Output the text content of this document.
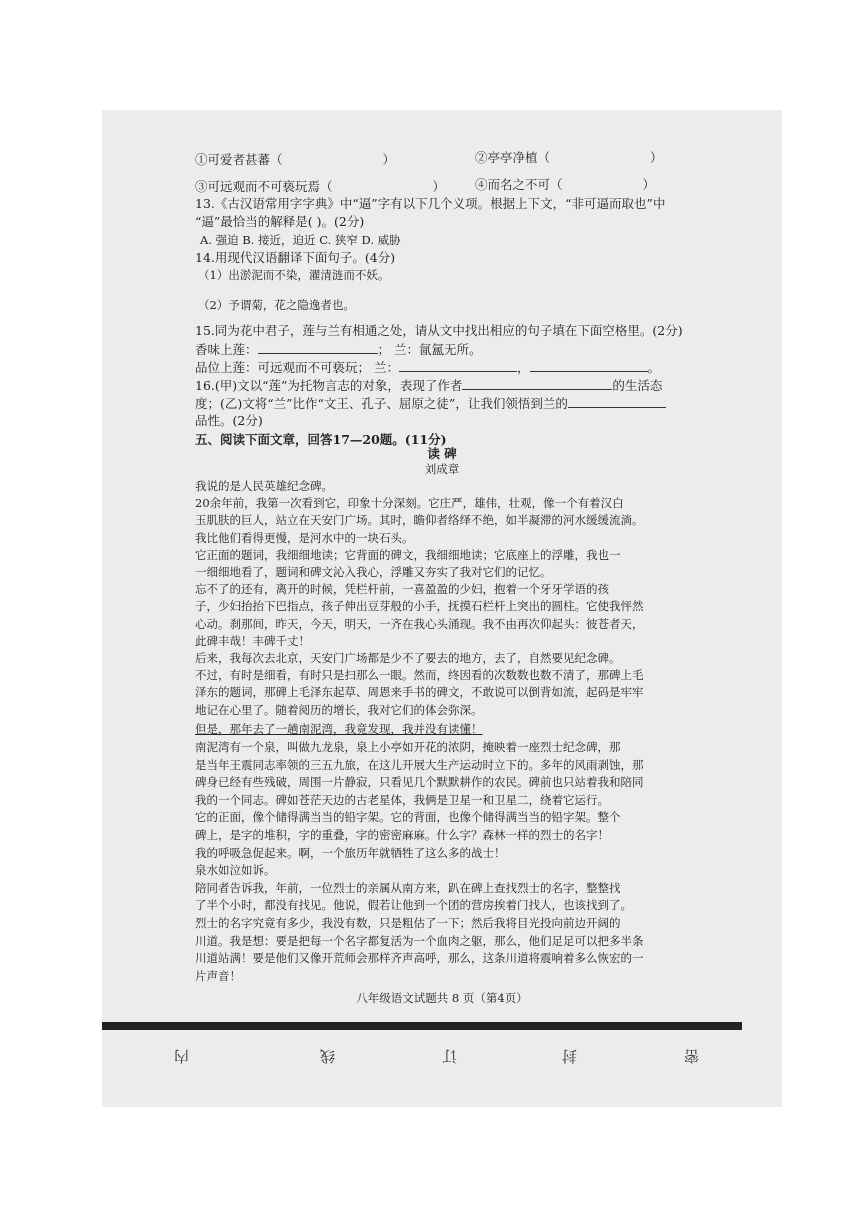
①可爱者甚蕃（	）	②亭亭净植（	）
③可远观而不可亵玩焉（	） ④而名之不可（	）
13.《古汉语常用字字典》中“逼”字有以下几个义项。根据上下文，“非可逼而取也”中
“逼”最恰当的解释是( )。(2分)
A. 强迫 B. 接近，迫近 C. 狭窄 D. 威胁
14.用现代汉语翻译下面句子。(4分)
（1）出淤泥而不染，濯清涟而不妖。
（2）予谓菊，花之隐逸者也。
15.同为花中君子，莲与兰有相通之处，请从文中找出相应的句子填在下面空格里。(2分)
香味上莲：	； 兰：氤氲无所。
品位上莲：可远观而不可亵玩； 兰：	，	。
16.(甲)文以“莲”为托物言志的对象，表现了作者	的生活态
度；(乙)文将“兰”比作“文王、孔子、屈原之徒”，让我们领悟到兰的
品性。(2分)
五、阅读下面文章，回答17—20题。(11分)
读 碑
刘成章
我说的是人民英雄纪念碑。
20余年前，我第一次看到它，印象十分深刻。它庄严，雄伟，壮观，像一个有着汉白
玉肌肤的巨人，站立在天安门广场。其时，瞻仰者络绎不绝，如半凝滞的河水缓缓流淌。
我比他们看得更慢，是河水中的一块石头。
它正面的题词，我细细地读；它背面的碑文，我细细地读；它底座上的浮雕，我也一
一细细地看了，题词和碑文沁入我心，浮雕又夯实了我对它们的记忆。
忘不了的还有，离开的时候，凭栏杆前，一喜盈盈的少妇，抱着一个牙牙学语的孩
子，少妇抬抬下巴指点，孩子伸出豆芽般的小手，抚摸石栏杆上突出的圆柱。它使我怦然
心动。刹那间，昨天，今天，明天，一齐在我心头涌现。我不由再次仰起头：彼苍者天，
此碑丰哉！丰碑千丈！
后来，我每次去北京，天安门广场都是少不了要去的地方，去了，自然要见纪念碑。
不过，有时是细看，有时只是扫那么一眼。然而，终因看的次数数也数不清了，那碑上毛
泽东的题词，那碑上毛泽东起草、周恩来手书的碑文，不敢说可以倒背如流，起码是牢牢
地记在心里了。随着阅历的增长，我对它们的体会弥深。
但是，那年去了一趟南泥湾，我竟发现，我并没有读懂！
南泥湾有一个泉，叫做九龙泉，泉上小亭如开花的浓阴，掩映着一座烈士纪念碑，那
是当年王震同志率领的三五九旅，在这儿开展大生产运动时立下的。多年的风雨剥蚀，那
碑身已经有些残破，周围一片静寂，只看见几个默默耕作的农民。碑前也只站着我和陪同
我的一个同志。碑如苍茫天边的古老星体，我俩是卫星一和卫星二，绕着它运行。
它的正面，像个储得满当当的铅字架。它的背面，也像个储得满当当的铅字架。整个
碑上，是字的堆积，字的重叠，字的密密麻麻。什么字？森林一样的烈士的名字！
我的呼吸急促起来。啊，一个旅历年就牺牲了这么多的战士！
泉水如泣如诉。
陪同者告诉我，年前，一位烈士的亲属从南方来，趴在碑上查找烈士的名字，整整找
了半个小时，都没有找见。他说，假若让他到一个团的营房挨着门找人，也该找到了。
烈士的名字究竟有多少，我没有数，只是粗估了一下；然后我将目光投向前边开阔的
川道。我是想：要是把每一个名字都复活为一个血肉之躯，那么，他们足足可以把多半条
川道站满！要是他们又像开荒师会那样齐声高呼，那么，这条川道将震响着多么恢宏的一
片声音！
八年级语文试题共 8 页（第4页）
内	线	订	封	密
